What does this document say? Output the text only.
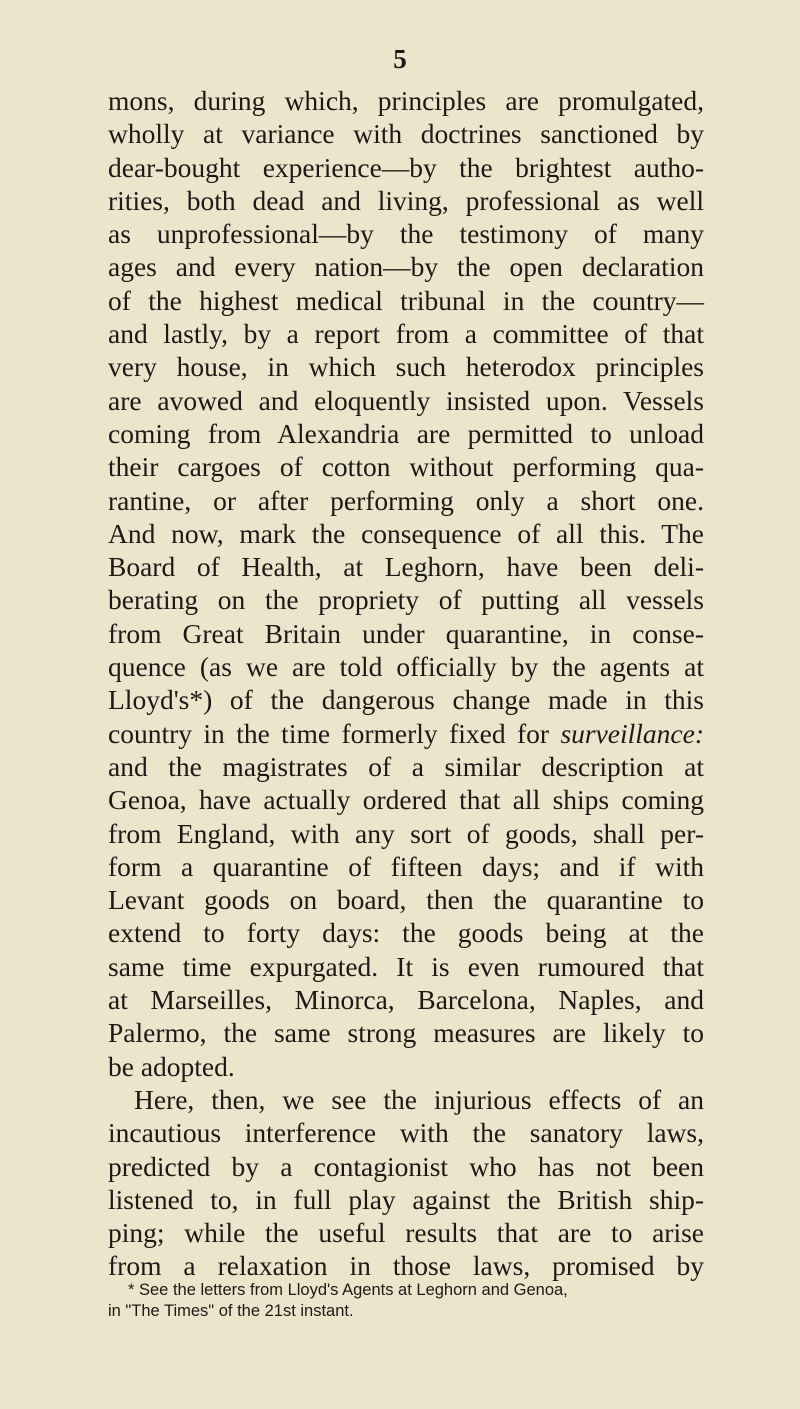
5
mons, during which, principles are promulgated,
wholly at variance with doctrines sanctioned by
dear-bought experience—by the brightest autho-
rities, both dead and living, professional as well
as unprofessional—by the testimony of many
ages and every nation—by the open declaration
of the highest medical tribunal in the country—
and lastly, by a report from a committee of that
very house, in which such heterodox principles
are avowed and eloquently insisted upon. Vessels
coming from Alexandria are permitted to unload
their cargoes of cotton without performing qua-
rantine, or after performing only a short one.
And now, mark the consequence of all this. The
Board of Health, at Leghorn, have been deli-
berating on the propriety of putting all vessels
from Great Britain under quarantine, in conse-
quence (as we are told officially by the agents at
Lloyd's*) of the dangerous change made in this
country in the time formerly fixed for surveillance:
and the magistrates of a similar description at
Genoa, have actually ordered that all ships coming
from England, with any sort of goods, shall per-
form a quarantine of fifteen days; and if with
Levant goods on board, then the quarantine to
extend to forty days: the goods being at the
same time expurgated. It is even rumoured that
at Marseilles, Minorca, Barcelona, Naples, and
Palermo, the same strong measures are likely to
be adopted.
Here, then, we see the injurious effects of an
incautious interference with the sanatory laws,
predicted by a contagionist who has not been
listened to, in full play against the British ship-
ping; while the useful results that are to arise
from a relaxation in those laws, promised by
* See the letters from Lloyd's Agents at Leghorn and Genoa,
in "The Times" of the 21st instant.
